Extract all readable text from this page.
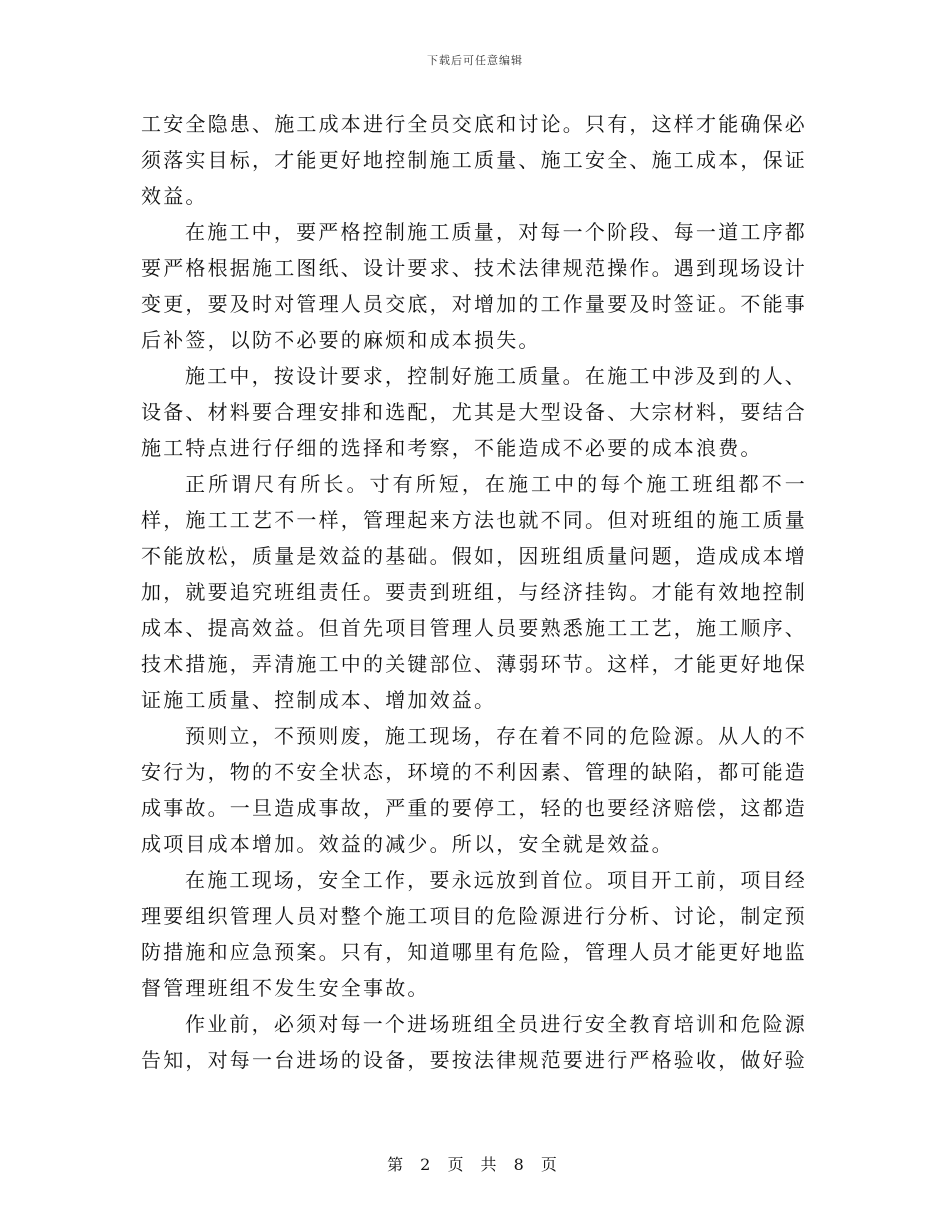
下载后可任意编辑

工安全隐患、施工成本进行全员交底和讨论。只有，这样才能确保必须落实目标，才能更好地控制施工质量、施工安全、施工成本，保证效益。

在施工中，要严格控制施工质量，对每一个阶段、每一道工序都要严格根据施工图纸、设计要求、技术法律规范操作。遇到现场设计变更，要及时对管理人员交底，对增加的工作量要及时签证。不能事后补签，以防不必要的麻烦和成本损失。

施工中，按设计要求，控制好施工质量。在施工中涉及到的人、设备、材料要合理安排和选配，尤其是大型设备、大宗材料，要结合施工特点进行仔细的选择和考察，不能造成不必要的成本浪费。

正所谓尺有所长。寸有所短，在施工中的每个施工班组都不一样，施工工艺不一样，管理起来方法也就不同。但对班组的施工质量不能放松，质量是效益的基础。假如，因班组质量问题，造成成本增加，就要追究班组责任。要责到班组，与经济挂钩。才能有效地控制成本、提高效益。但首先项目管理人员要熟悉施工工艺，施工顺序、技术措施，弄清施工中的关键部位、薄弱环节。这样，才能更好地保证施工质量、控制成本、增加效益。

预则立，不预则废，施工现场，存在着不同的危险源。从人的不安行为，物的不安全状态，环境的不利因素、管理的缺陷，都可能造成事故。一旦造成事故，严重的要停工，轻的也要经济赔偿，这都造成项目成本增加。效益的减少。所以，安全就是效益。

在施工现场，安全工作，要永远放到首位。项目开工前，项目经理要组织管理人员对整个施工项目的危险源进行分析、讨论，制定预防措施和应急预案。只有，知道哪里有危险，管理人员才能更好地监督管理班组不发生安全事故。

作业前，必须对每一个进场班组全员进行安全教育培训和危险源告知，对每一台进场的设备，要按法律规范要进行严格验收，做好验

第 2 页 共 8 页
